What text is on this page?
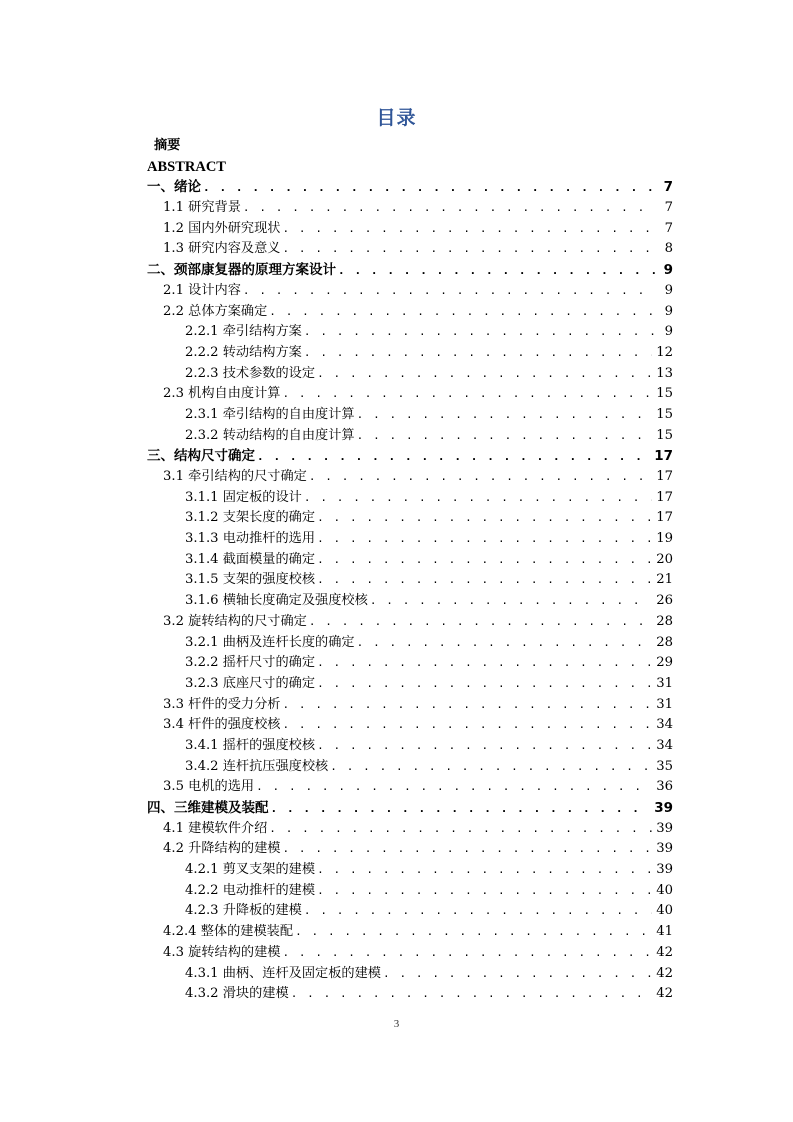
目录
摘要
ABSTRACT
一、绪论 . . .	7
1.1 研究背景 . . .	7
1.2 国内外研究现状 . . .	7
1.3 研究内容及意义 . . .	8
二、颈部康复器的原理方案设计 . . .	9
2.1 设计内容 . . .	9
2.2 总体方案确定 . . .	9
2.2.1 牵引结构方案 . . .	9
2.2.2 转动结构方案 . . .	12
2.2.3 技术参数的设定 . . .	13
2.3 机构自由度计算 . . .	15
2.3.1 牵引结构的自由度计算 . . .	15
2.3.2 转动结构的自由度计算 . . .	15
三、结构尺寸确定 . . .	17
3.1 牵引结构的尺寸确定 . . .	17
3.1.1 固定板的设计 . . .	17
3.1.2 支架长度的确定 . . .	17
3.1.3 电动推杆的选用 . . .	19
3.1.4 截面模量的确定 . . .	20
3.1.5 支架的强度校核 . . .	21
3.1.6 横轴长度确定及强度校核 . . .	26
3.2 旋转结构的尺寸确定 . . .	28
3.2.1 曲柄及连杆长度的确定 . . .	28
3.2.2 摇杆尺寸的确定 . . .	29
3.2.3 底座尺寸的确定 . . .	31
3.3 杆件的受力分析 . . .	31
3.4 杆件的强度校核 . . .	34
3.4.1 摇杆的强度校核 . . .	34
3.4.2 连杆抗压强度校核 . . .	35
3.5 电机的选用 . . .	36
四、三维建模及装配 . . .	39
4.1 建模软件介绍 . . .	39
4.2 升降结构的建模 . . .	39
4.2.1 剪叉支架的建模 . . .	39
4.2.2 电动推杆的建模 . . .	40
4.2.3 升降板的建模 . . .	40
4.2.4 整体的建模装配 . . .	41
4.3 旋转结构的建模 . . .	42
4.3.1 曲柄、连杆及固定板的建模 . . .	42
4.3.2 滑块的建模 . . .	42
3
